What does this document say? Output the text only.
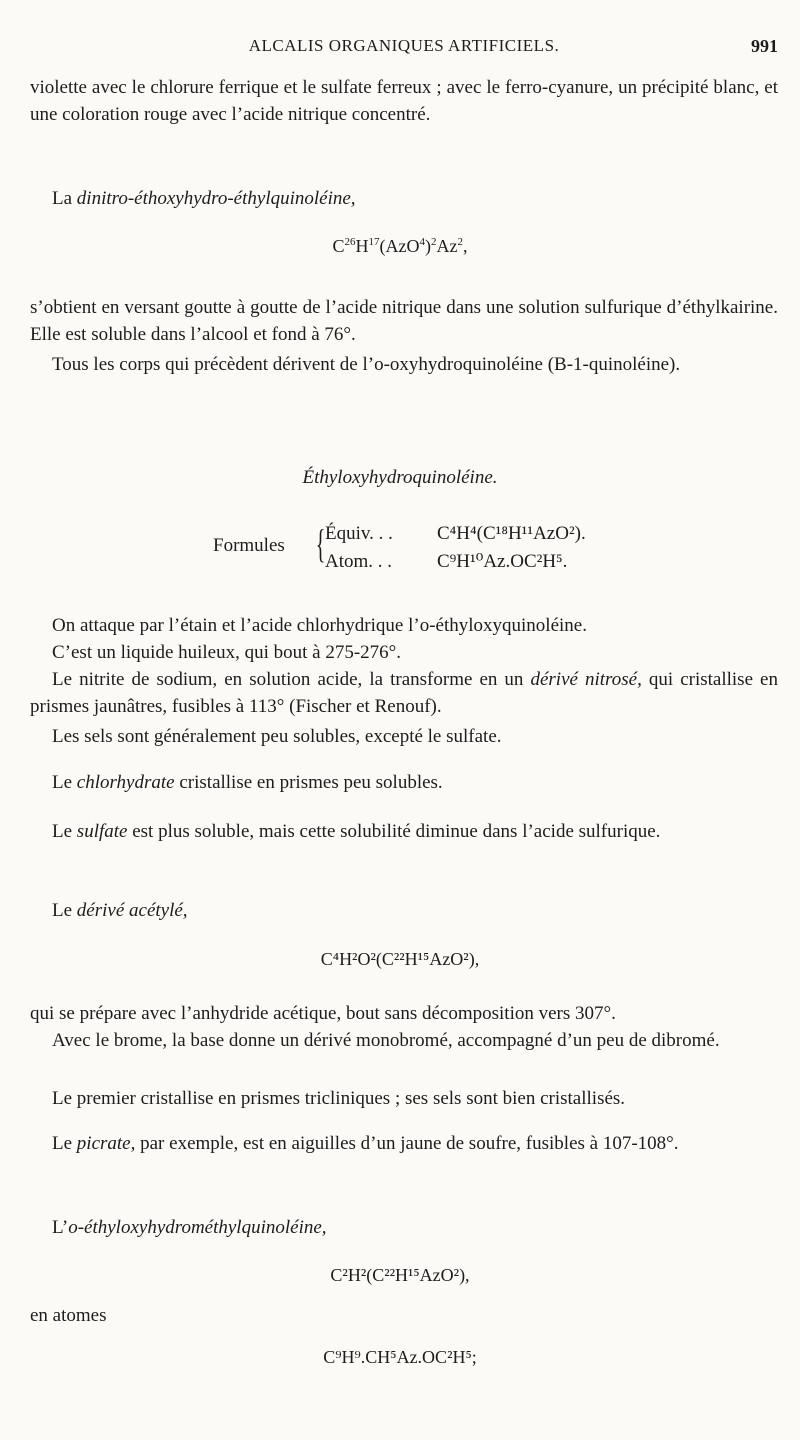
ALCALIS ORGANIQUES ARTIFICIELS.	991

violette avec le chlorure ferrique et le sulfate ferreux ; avec le ferro-cyanure, un précipité blanc, et une coloration rouge avec l’acide nitrique concentré.

La dinitro-éthoxyhydro-éthylquinoléine,

$C^{26}H^{17}(AzO^4)^2Az^2$,

s’obtient en versant goutte à goutte de l’acide nitrique dans une solution sulfurique d’éthylkairine. Elle est soluble dans l’alcool et fond à 76°.

Tous les corps qui précèdent dérivent de l’o-oxyhydroquinoléine (B-1-quinoléine).

Éthyloxyhydroquinoléine.

Formules { Équiv. . . C⁴H⁴(C¹⁸H¹¹AzO²).
Atom. . . C⁹H¹⁰Az.OC²H⁵.

On attaque par l’étain et l’acide chlorhydrique l’o-éthyloxyquinoléine.

C’est un liquide huileux, qui bout à 275-276°.

Le nitrite de sodium, en solution acide, la transforme en un dérivé nitrosé, qui cristallise en prismes jaunâtres, fusibles à 113° (Fischer et Renouf).

Les sels sont généralement peu solubles, excepté le sulfate.

Le chlorhydrate cristallise en prismes peu solubles.

Le sulfate est plus soluble, mais cette solubilité diminue dans l’acide sulfurique.

Le dérivé acétylé,

C⁴H²O²(C²²H¹⁵AzO²),

qui se prépare avec l’anhydride acétique, bout sans décomposition vers 307°.

Avec le brome, la base donne un dérivé monobromé, accompagné d’un peu de dibromé.

Le premier cristallise en prismes tricliniques ; ses sels sont bien cristallisés.

Le picrate, par exemple, est en aiguilles d’un jaune de soufre, fusibles à 107-108°.

L’o-éthyloxyhydrométhylquinoléine,

C²H²(C²²H¹⁵AzO²),

en atomes

C⁹H⁹.CH⁵Az.OC²H⁵;
